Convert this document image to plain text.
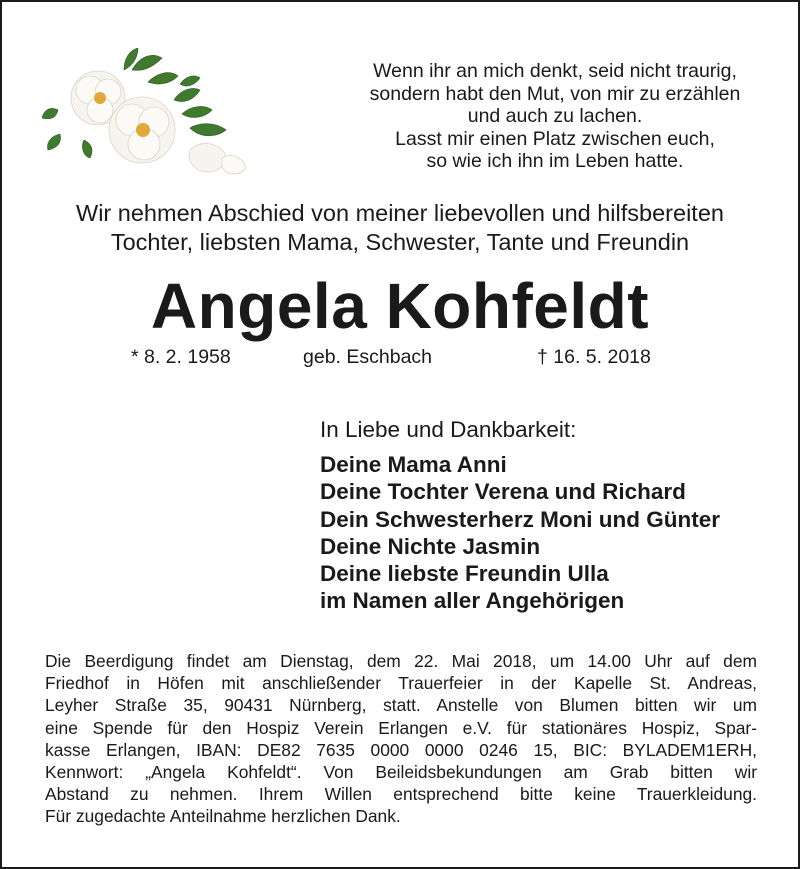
Wenn ihr an mich denkt, seid nicht traurig,
sondern habt den Mut, von mir zu erzählen
und auch zu lachen.
Lasst mir einen Platz zwischen euch,
so wie ich ihn im Leben hatte.
Wir nehmen Abschied von meiner liebevollen und hilfsbereiten
Tochter, liebsten Mama, Schwester, Tante und Freundin
Angela Kohfeldt
* 8. 2. 1958	geb. Eschbach	† 16. 5. 2018
In Liebe und Dankbarkeit:
Deine Mama Anni
Deine Tochter Verena und Richard
Dein Schwesterherz Moni und Günter
Deine Nichte Jasmin
Deine liebste Freundin Ulla
im Namen aller Angehörigen
Die Beerdigung findet am Dienstag, dem 22. Mai 2018, um 14.00 Uhr auf dem
Friedhof in Höfen mit anschließender Trauerfeier in der Kapelle St. Andreas,
Leyher Straße 35, 90431 Nürnberg, statt. Anstelle von Blumen bitten wir um
eine Spende für den Hospiz Verein Erlangen e.V. für stationäres Hospiz, Spar-
kasse Erlangen, IBAN: DE82 7635 0000 0000 0246 15, BIC: BYLADEM1ERH,
Kennwort: „Angela Kohfeldt“. Von Beileidsbekundungen am Grab bitten wir
Abstand zu nehmen. Ihrem Willen entsprechend bitte keine Trauerkleidung.
Für zugedachte Anteilnahme herzlichen Dank.
